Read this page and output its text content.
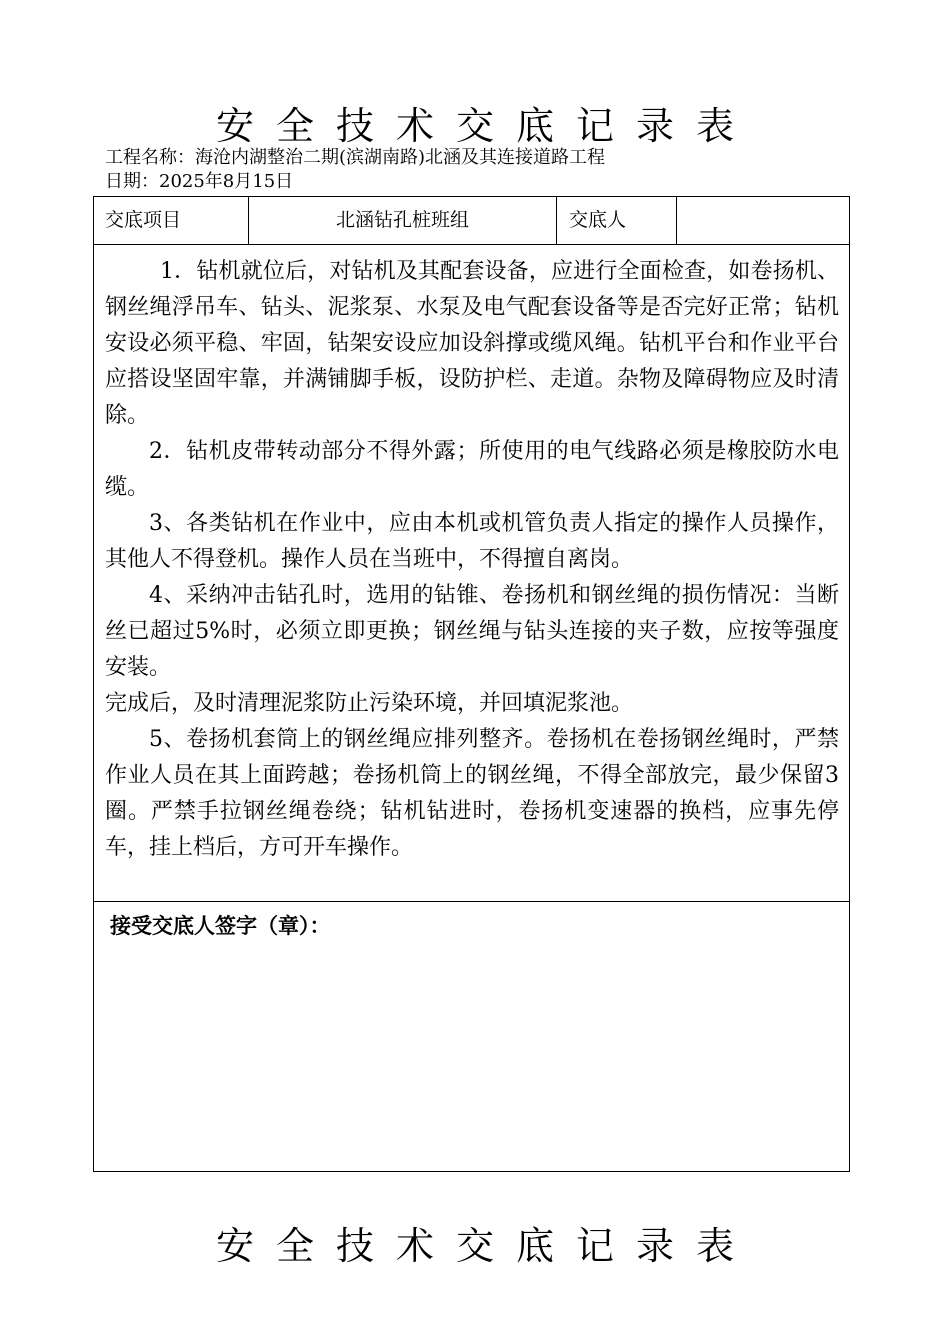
安全技术交底记录表
工程名称：海沧内湖整治二期(滨湖南路)北涵及其连接道路工程
日期：2025年8月15日
交底项目	北涵钻孔桩班组	交底人

1．钻机就位后，对钻机及其配套设备，应进行全面检查，如卷扬机、钢丝绳浮吊车、钻头、泥浆泵、水泵及电气配套设备等是否完好正常；钻机安设必须平稳、牢固，钻架安设应加设斜撑或缆风绳。钻机平台和作业平台应搭设坚固牢靠，并满铺脚手板，设防护栏、走道。杂物及障碍物应及时清除。

2．钻机皮带转动部分不得外露；所使用的电气线路必须是橡胶防水电缆。

3、各类钻机在作业中，应由本机或机管负责人指定的操作人员操作，其他人不得登机。操作人员在当班中，不得擅自离岗。

4、采纳冲击钻孔时，选用的钻锥、卷扬机和钢丝绳的损伤情况：当断丝已超过5%时，必须立即更换；钢丝绳与钻头连接的夹子数，应按等强度安装。

完成后，及时清理泥浆防止污染环境，并回填泥浆池。

5、卷扬机套筒上的钢丝绳应排列整齐。卷扬机在卷扬钢丝绳时，严禁作业人员在其上面跨越；卷扬机筒上的钢丝绳，不得全部放完，最少保留3圈。严禁手拉钢丝绳卷绕；钻机钻进时，卷扬机变速器的换档，应事先停车，挂上档后，方可开车操作。

接受交底人签字（章）：
安全技术交底记录表
